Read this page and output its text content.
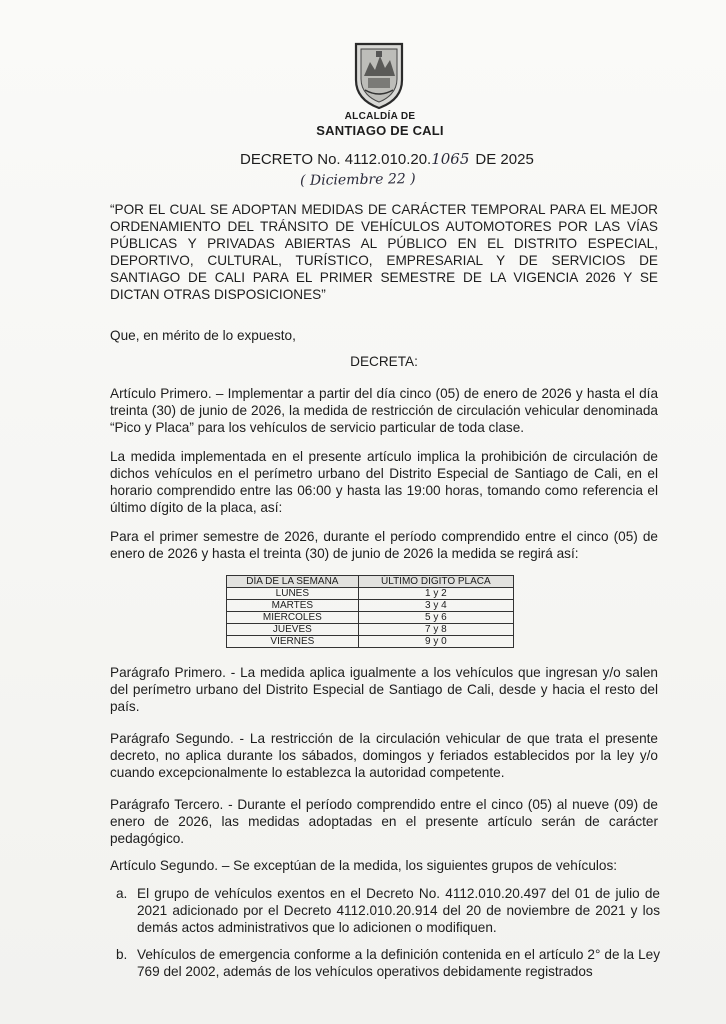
ALCALDÍA DE
SANTIAGO DE CALI
DECRETO No. 4112.010.20.1065 DE 2025
( Diciembre 22 )
“POR EL CUAL SE ADOPTAN MEDIDAS DE CARÁCTER TEMPORAL PARA EL MEJOR ORDENAMIENTO DEL TRÁNSITO DE VEHÍCULOS AUTOMOTORES POR LAS VÍAS PÚBLICAS Y PRIVADAS ABIERTAS AL PÚBLICO EN EL DISTRITO ESPECIAL, DEPORTIVO, CULTURAL, TURÍSTICO, EMPRESARIAL Y DE SERVICIOS DE SANTIAGO DE CALI PARA EL PRIMER SEMESTRE DE LA VIGENCIA 2026 Y SE DICTAN OTRAS DISPOSICIONES”
Que, en mérito de lo expuesto,
DECRETA:
Artículo Primero. – Implementar a partir del día cinco (05) de enero de 2026 y hasta el día treinta (30) de junio de 2026, la medida de restricción de circulación vehicular denominada “Pico y Placa” para los vehículos de servicio particular de toda clase.
La medida implementada en el presente artículo implica la prohibición de circulación de dichos vehículos en el perímetro urbano del Distrito Especial de Santiago de Cali, en el horario comprendido entre las 06:00 y hasta las 19:00 horas, tomando como referencia el último dígito de la placa, así:
Para el primer semestre de 2026, durante el período comprendido entre el cinco (05) de enero de 2026 y hasta el treinta (30) de junio de 2026 la medida se regirá así:
DÍA DE LA SEMANA	ÚLTIMO DIGITO PLACA
LUNES	1 y 2
MARTES	3 y 4
MIÉRCOLES	5 y 6
JUEVES	7 y 8
VIERNES	9 y 0
Parágrafo Primero. - La medida aplica igualmente a los vehículos que ingresan y/o salen del perímetro urbano del Distrito Especial de Santiago de Cali, desde y hacia el resto del país.
Parágrafo Segundo. - La restricción de la circulación vehicular de que trata el presente decreto, no aplica durante los sábados, domingos y feriados establecidos por la ley y/o cuando excepcionalmente lo establezca la autoridad competente.
Parágrafo Tercero. - Durante el período comprendido entre el cinco (05) al nueve (09) de enero de 2026, las medidas adoptadas en el presente artículo serán de carácter pedagógico.
Artículo Segundo. – Se exceptúan de la medida, los siguientes grupos de vehículos:
a. El grupo de vehículos exentos en el Decreto No. 4112.010.20.497 del 01 de julio de 2021 adicionado por el Decreto 4112.010.20.914 del 20 de noviembre de 2021 y los demás actos administrativos que lo adicionen o modifiquen.
b. Vehículos de emergencia conforme a la definición contenida en el artículo 2° de la Ley 769 del 2002, además de los vehículos operativos debidamente registrados
